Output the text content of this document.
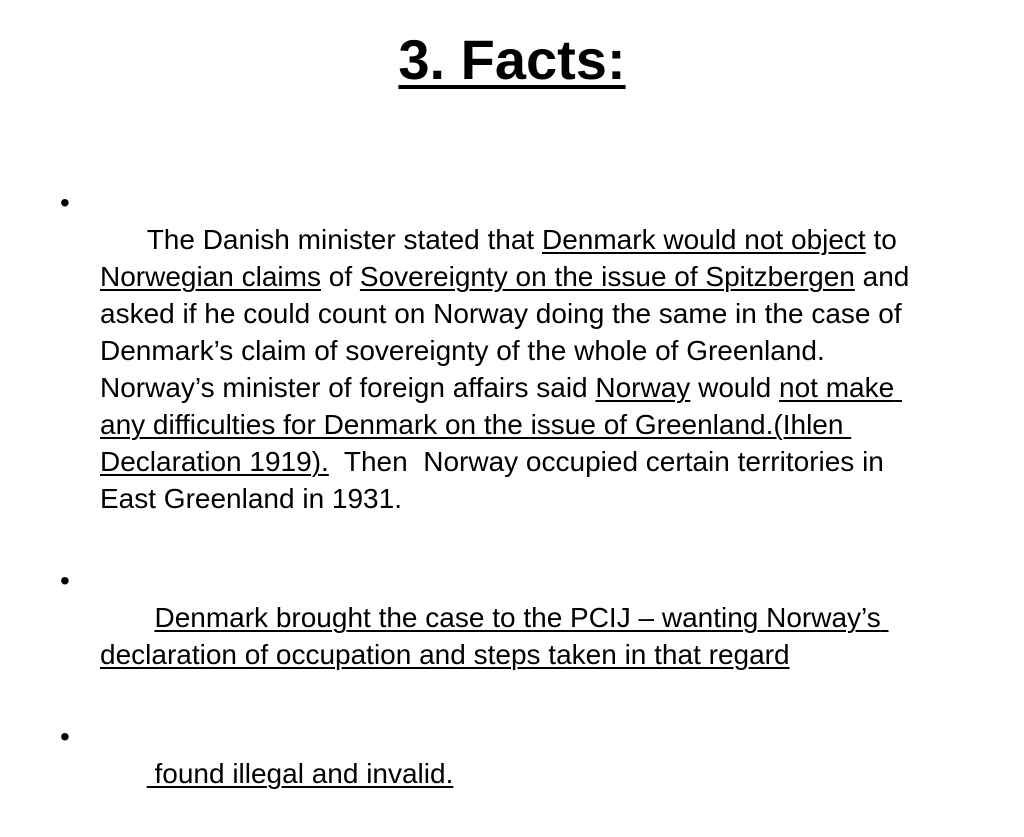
3. Facts:

•
The Danish minister stated that Denmark would not object to Norwegian claims of Sovereignty on the issue of Spitzbergen and asked if he could count on Norway doing the same in the case of Denmark’s claim of sovereignty of the whole of Greenland.  Norway’s minister of foreign affairs said Norway would not make any difficulties for Denmark on the issue of Greenland.(Ihlen Declaration 1919).  Then  Norway occupied certain territories in East Greenland in 1931.

•
Denmark brought the case to the PCIJ – wanting Norway’s declaration of occupation and steps taken in that regard

•
found illegal and invalid.
